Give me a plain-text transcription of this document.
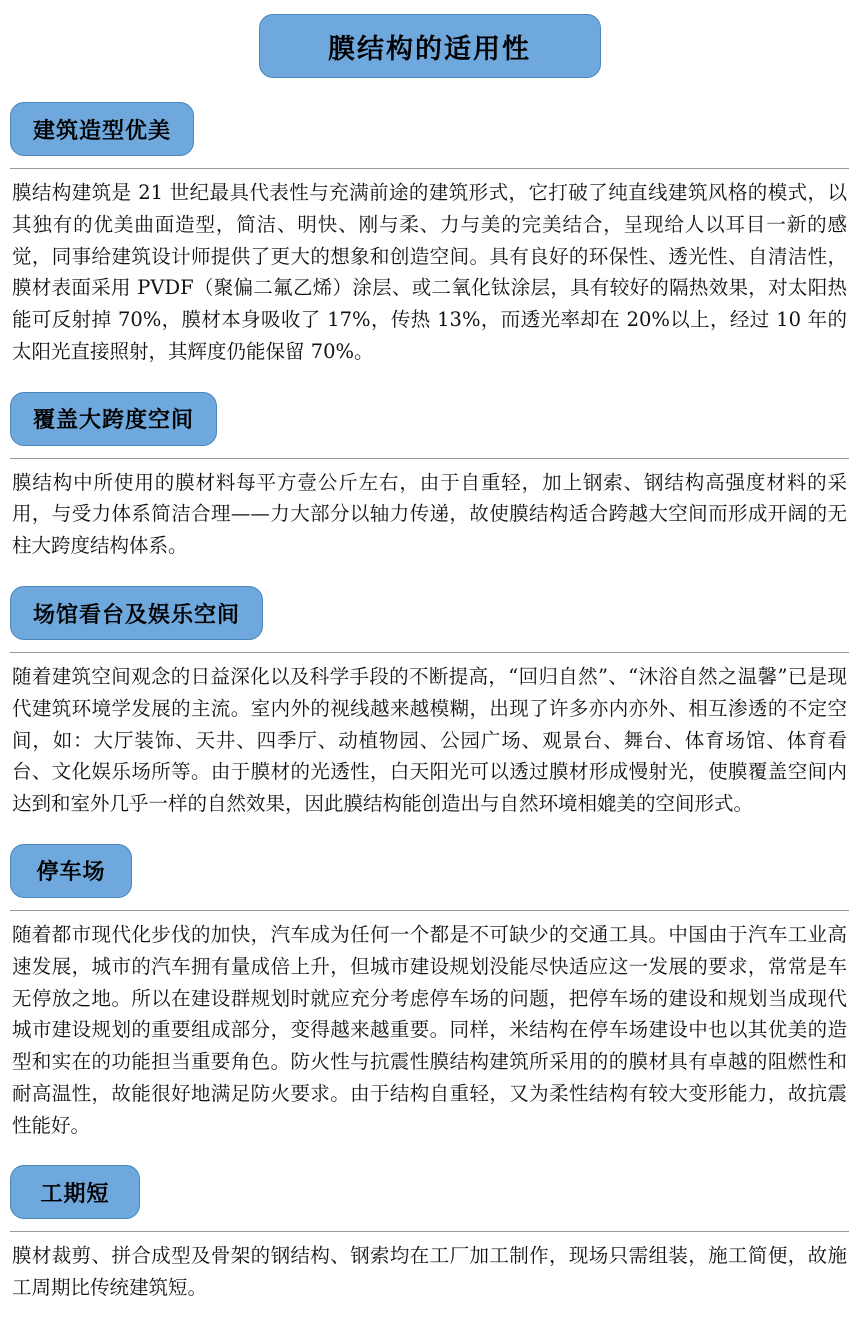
膜结构的适用性
建筑造型优美
膜结构建筑是 21 世纪最具代表性与充满前途的建筑形式，它打破了纯直线建筑风格的模式，以其独有的优美曲面造型，简洁、明快、刚与柔、力与美的完美结合，呈现给人以耳目一新的感觉，同事给建筑设计师提供了更大的想象和创造空间。具有良好的环保性、透光性、自清洁性，膜材表面采用 PVDF（聚偏二氟乙烯）涂层、或二氧化钛涂层，具有较好的隔热效果，对太阳热能可反射掉 70%，膜材本身吸收了 17%，传热 13%，而透光率却在 20%以上，经过 10 年的太阳光直接照射，其辉度仍能保留 70%。
覆盖大跨度空间
膜结构中所使用的膜材料每平方壹公斤左右，由于自重轻，加上钢索、钢结构高强度材料的采用，与受力体系简洁合理——力大部分以轴力传递，故使膜结构适合跨越大空间而形成开阔的无柱大跨度结构体系。
场馆看台及娱乐空间
随着建筑空间观念的日益深化以及科学手段的不断提高，“回归自然”、“沐浴自然之温馨”已是现代建筑环境学发展的主流。室内外的视线越来越模糊，出现了许多亦内亦外、相互渗透的不定空间，如：大厅装饰、天井、四季厅、动植物园、公园广场、观景台、舞台、体育场馆、体育看台、文化娱乐场所等。由于膜材的光透性，白天阳光可以透过膜材形成慢射光，使膜覆盖空间内达到和室外几乎一样的自然效果，因此膜结构能创造出与自然环境相媲美的空间形式。
停车场
随着都市现代化步伐的加快，汽车成为任何一个都是不可缺少的交通工具。中国由于汽车工业高速发展，城市的汽车拥有量成倍上升，但城市建设规划没能尽快适应这一发展的要求，常常是车无停放之地。所以在建设群规划时就应充分考虑停车场的问题，把停车场的建设和规划当成现代城市建设规划的重要组成部分，变得越来越重要。同样，米结构在停车场建设中也以其优美的造型和实在的功能担当重要角色。防火性与抗震性膜结构建筑所采用的的膜材具有卓越的阻燃性和耐高温性，故能很好地满足防火要求。由于结构自重轻，又为柔性结构有较大变形能力，故抗震性能好。
工期短
膜材裁剪、拼合成型及骨架的钢结构、钢索均在工厂加工制作，现场只需组装，施工简便，故施工周期比传统建筑短。
